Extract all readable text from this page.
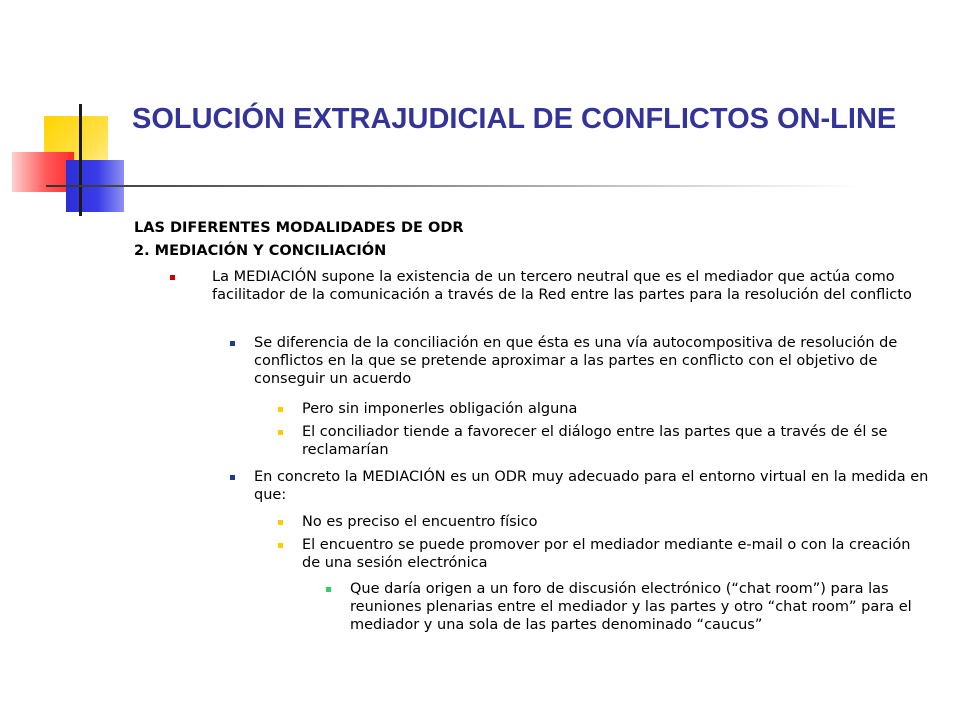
SOLUCIÓN EXTRAJUDICIAL DE CONFLICTOS ON-LINE
LAS DIFERENTES MODALIDADES DE ODR
2. MEDIACIÓN Y CONCILIACIÓN

La MEDIACIÓN supone la existencia de un tercero neutral que es el mediador que actúa como facilitador de la comunicación a través de la Red entre las partes para la resolución del conflicto

Se diferencia de la conciliación en que ésta es una vía autocompositiva de resolución de conflictos en la que se pretende aproximar a las partes en conflicto con el objetivo de conseguir un acuerdo

Pero sin imponerles obligación alguna

El conciliador tiende a favorecer el diálogo entre las partes que a través de él se reclamarían

En concreto la MEDIACIÓN es un ODR muy adecuado para el entorno virtual en la medida en que:

No es preciso el encuentro físico

El encuentro se puede promover por el mediador mediante e-mail o con la creación de una sesión electrónica

Que daría origen a un foro de discusión electrónico (“chat room”) para las reuniones plenarias entre el mediador y las partes y otro “chat room” para el mediador y una sola de las partes denominado “caucus”
